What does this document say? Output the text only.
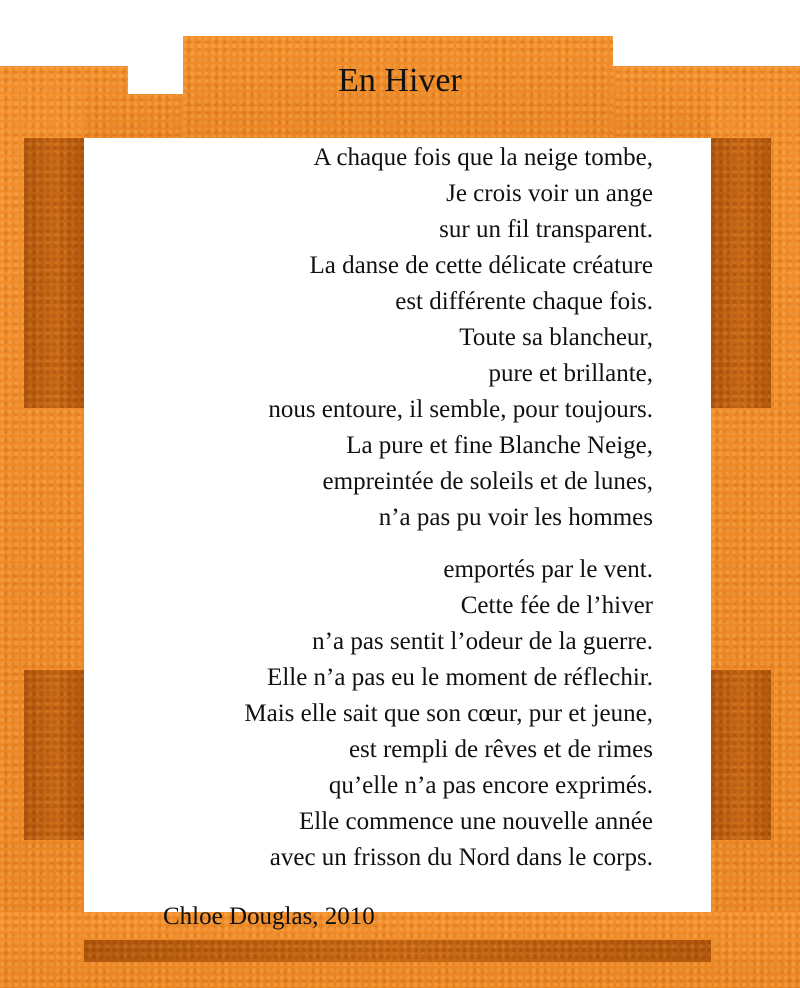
En Hiver
A chaque fois que la neige tombe,
Je crois voir un ange
sur un fil transparent.
La danse de cette délicate créature
est différente chaque fois.
Toute sa blancheur,
pure et brillante,
nous entoure, il semble, pour toujours.
La pure et fine Blanche Neige,
empreintée de soleils et de lunes,
n’a pas pu voir les hommes
emportés par le vent.
Cette fée de l’hiver
n’a pas sentit l’odeur de la guerre.
Elle n’a pas eu le moment de réflechir.
Mais elle sait que son cœur, pur et jeune,
est rempli de rêves et de rimes
qu’elle n’a pas encore exprimés.
Elle commence une nouvelle année
avec un frisson du Nord dans le corps.
Chloe Douglas, 2010
